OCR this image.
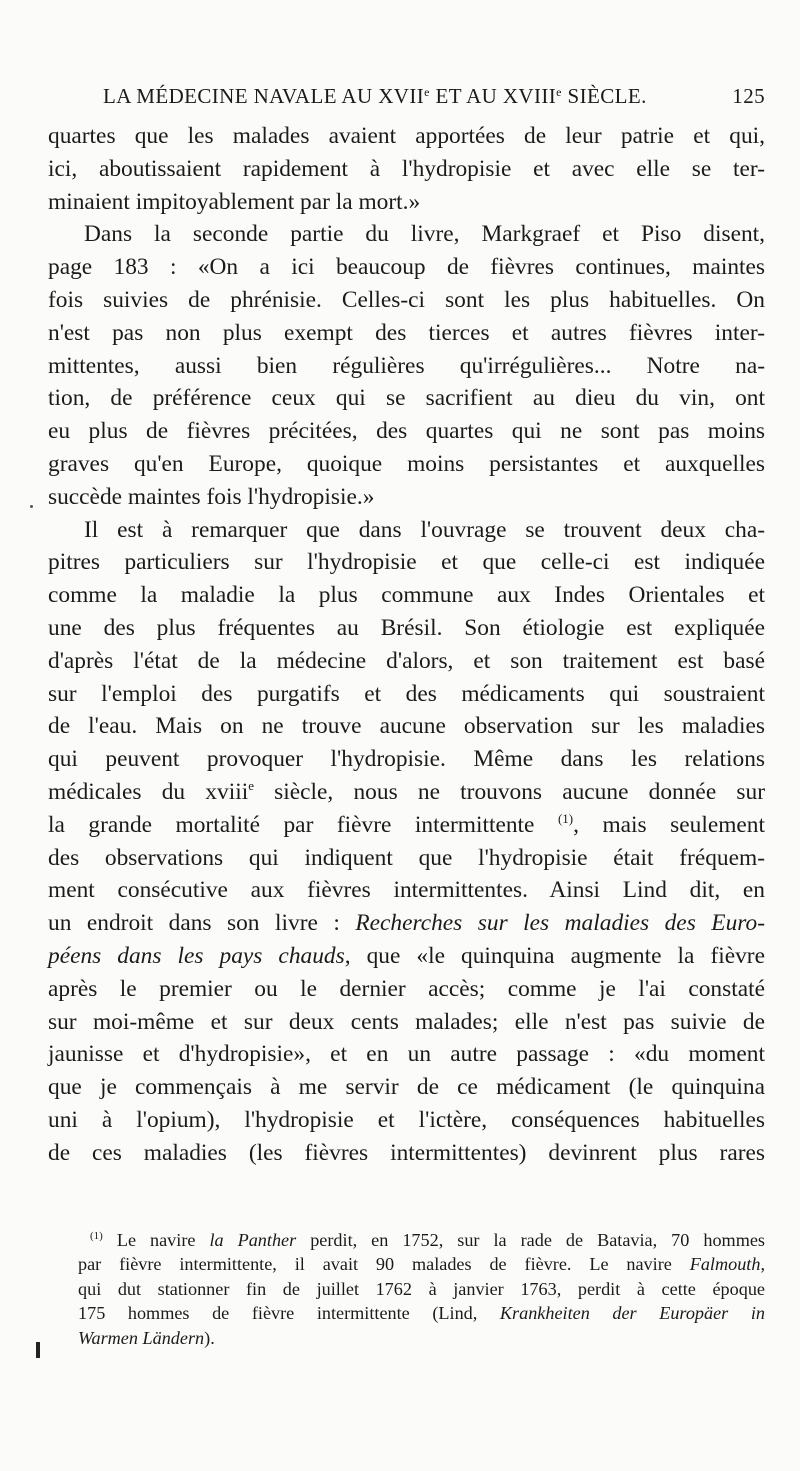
LA MÉDECINE NAVALE AU XVIIe ET AU XVIIIe SIÈCLE.	125
quartes que les malades avaient apportées de leur patrie et qui,
ici, aboutissaient rapidement à l'hydropisie et avec elle se ter-
minaient impitoyablement par la mort.»
Dans la seconde partie du livre, Markgraef et Piso disent,
page 183 : «On a ici beaucoup de fièvres continues, maintes
fois suivies de phrénisie. Celles-ci sont les plus habituelles. On
n'est pas non plus exempt des tierces et autres fièvres inter-
mittentes, aussi bien régulières qu'irrégulières... Notre na-
tion, de préférence ceux qui se sacrifient au dieu du vin, ont
eu plus de fièvres précitées, des quartes qui ne sont pas moins
graves qu'en Europe, quoique moins persistantes et auxquelles
succède maintes fois l'hydropisie.»
Il est à remarquer que dans l'ouvrage se trouvent deux cha-
pitres particuliers sur l'hydropisie et que celle-ci est indiquée
comme la maladie la plus commune aux Indes Orientales et
une des plus fréquentes au Brésil. Son étiologie est expliquée
d'après l'état de la médecine d'alors, et son traitement est basé
sur l'emploi des purgatifs et des médicaments qui soustraient
de l'eau. Mais on ne trouve aucune observation sur les maladies
qui peuvent provoquer l'hydropisie. Même dans les relations
médicales du xviii$^e$ siècle, nous ne trouvons aucune donnée sur
la grande mortalité par fièvre intermittente $^{(1)}$, mais seulement
des observations qui indiquent que l'hydropisie était fréquem-
ment consécutive aux fièvres intermittentes. Ainsi Lind dit, en
un endroit dans son livre : Recherches sur les maladies des Euro-
péens dans les pays chauds, que «le quinquina augmente la fièvre
après le premier ou le dernier accès; comme je l'ai constaté
sur moi-même et sur deux cents malades; elle n'est pas suivie de
jaunisse et d'hydropisie», et en un autre passage : «du moment
que je commençais à me servir de ce médicament (le quinquina
uni à l'opium), l'hydropisie et l'ictère, conséquences habituelles
de ces maladies (les fièvres intermittentes) devinrent plus rares
$^{(1)}$ Le navire la Panther perdit, en 1752, sur la rade de Batavia, 70 hommes
par fièvre intermittente, il avait 90 malades de fièvre. Le navire Falmouth,
qui dut stationner fin de juillet 1762 à janvier 1763, perdit à cette époque
175 hommes de fièvre intermittente (Lind, Krankheiten der Europäer in
Warmen Ländern).
